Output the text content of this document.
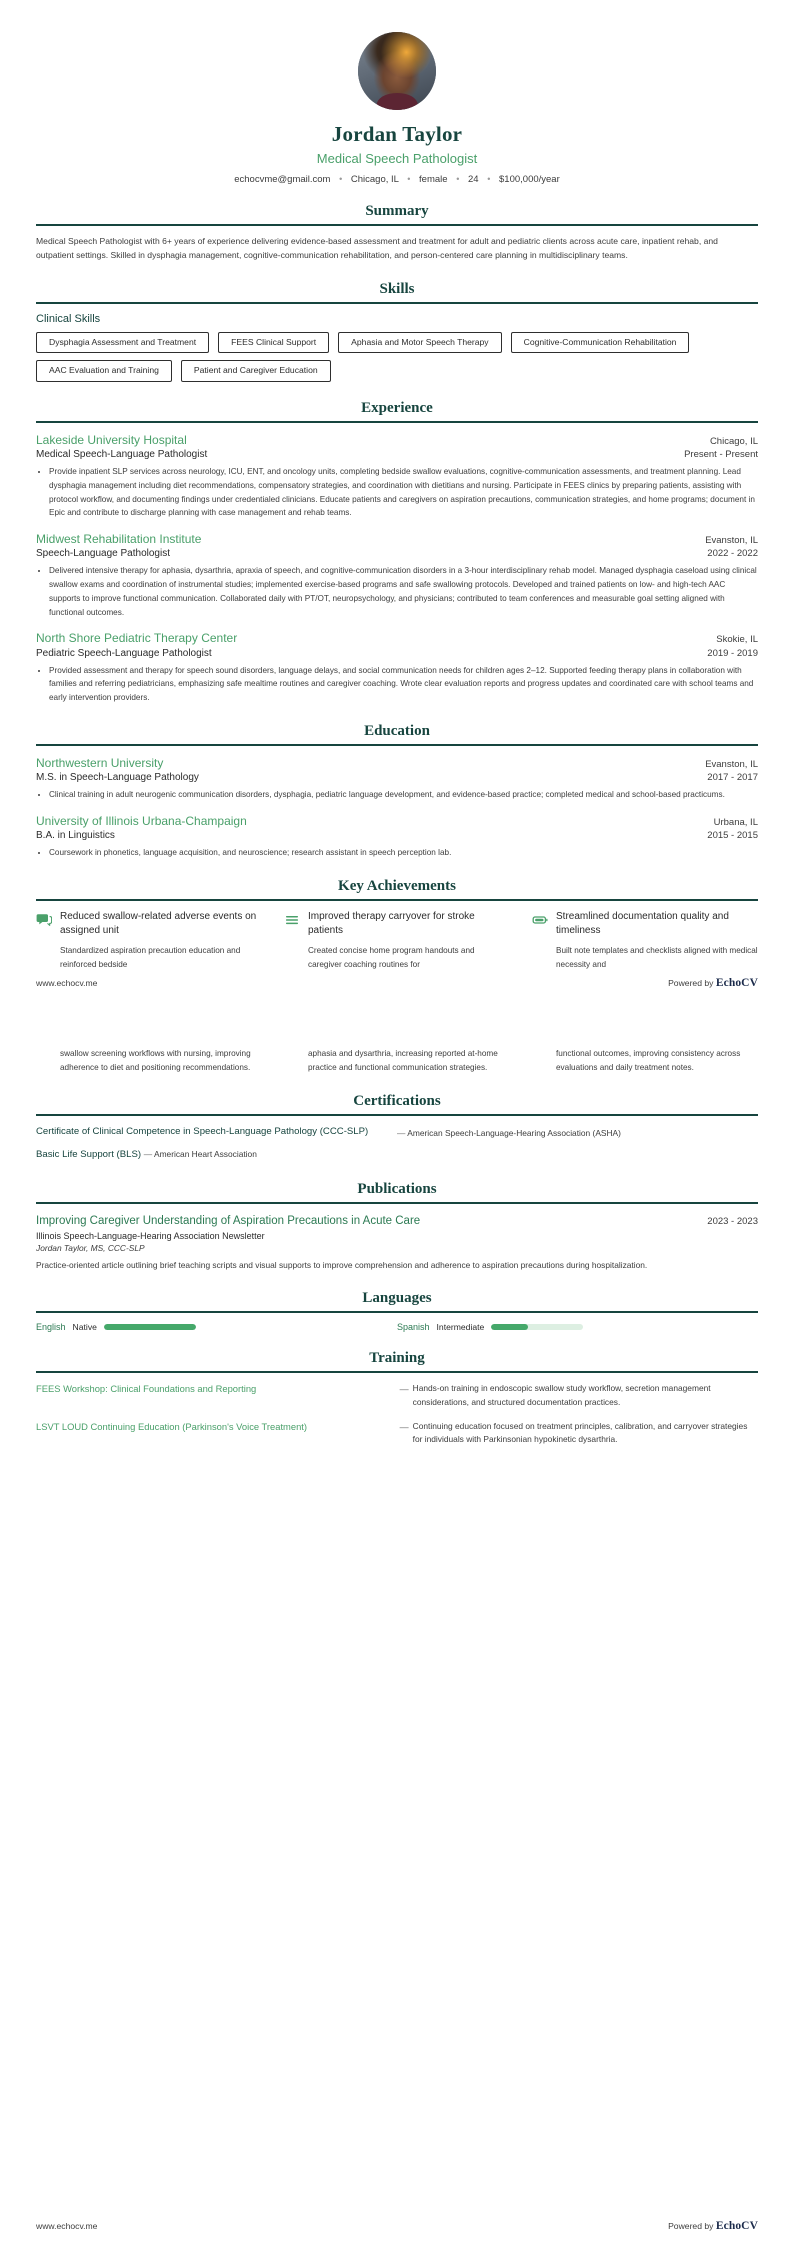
Jordan Taylor
Medical Speech Pathologist
echocvme@gmail.com • Chicago, IL • female • 24 • $100,000/year
Summary
Medical Speech Pathologist with 6+ years of experience delivering evidence-based assessment and treatment for adult and pediatric clients across acute care, inpatient rehab, and outpatient settings. Skilled in dysphagia management, cognitive-communication rehabilitation, and person-centered care planning in multidisciplinary teams.
Skills
Clinical Skills
Dysphagia Assessment and Treatment	FEES Clinical Support	Aphasia and Motor Speech Therapy	Cognitive-Communication Rehabilitation
AAC Evaluation and Training	Patient and Caregiver Education
Experience
Lakeside University Hospital	Chicago, IL
Medical Speech-Language Pathologist	Present - Present
• Provide inpatient SLP services across neurology, ICU, ENT, and oncology units, completing bedside swallow evaluations, cognitive-communication assessments, and treatment planning. Lead dysphagia management including diet recommendations, compensatory strategies, and coordination with dietitians and nursing. Participate in FEES clinics by preparing patients, assisting with protocol workflow, and documenting findings under credentialed clinicians. Educate patients and caregivers on aspiration precautions, communication strategies, and home programs; document in Epic and contribute to discharge planning with case management and rehab teams.
Midwest Rehabilitation Institute	Evanston, IL
Speech-Language Pathologist	2022 - 2022
• Delivered intensive therapy for aphasia, dysarthria, apraxia of speech, and cognitive-communication disorders in a 3-hour interdisciplinary rehab model. Managed dysphagia caseload using clinical swallow exams and coordination of instrumental studies; implemented exercise-based programs and safe swallowing protocols. Developed and trained patients on low- and high-tech AAC supports to improve functional communication. Collaborated daily with PT/OT, neuropsychology, and physicians; contributed to team conferences and measurable goal setting aligned with functional outcomes.
North Shore Pediatric Therapy Center	Skokie, IL
Pediatric Speech-Language Pathologist	2019 - 2019
• Provided assessment and therapy for speech sound disorders, language delays, and social communication needs for children ages 2–12. Supported feeding therapy plans in collaboration with families and referring pediatricians, emphasizing safe mealtime routines and caregiver coaching. Wrote clear evaluation reports and progress updates and coordinated care with school teams and early intervention providers.
Education
Northwestern University	Evanston, IL
M.S. in Speech-Language Pathology	2017 - 2017
• Clinical training in adult neurogenic communication disorders, dysphagia, pediatric language development, and evidence-based practice; completed medical and school-based practicums.
University of Illinois Urbana-Champaign	Urbana, IL
B.A. in Linguistics	2015 - 2015
• Coursework in phonetics, language acquisition, and neuroscience; research assistant in speech perception lab.
Key Achievements
Reduced swallow-related adverse events on assigned unit
Standardized aspiration precaution education and reinforced bedside
Improved therapy carryover for stroke patients
Created concise home program handouts and caregiver coaching routines for
Streamlined documentation quality and timeliness
Built note templates and checklists aligned with medical necessity and
www.echocv.me	Powered by EchoCV
swallow screening workflows with nursing, improving adherence to diet and positioning recommendations.
aphasia and dysarthria, increasing reported at-home practice and functional communication strategies.
functional outcomes, improving consistency across evaluations and daily treatment notes.
Certifications
Certificate of Clinical Competence in Speech-Language Pathology (CCC-SLP)	— American Speech-Language-Hearing Association (ASHA)
Basic Life Support (BLS) — American Heart Association
Publications
Improving Caregiver Understanding of Aspiration Precautions in Acute Care	2023 - 2023
Illinois Speech-Language-Hearing Association Newsletter
Jordan Taylor, MS, CCC-SLP
Practice-oriented article outlining brief teaching scripts and visual supports to improve comprehension and adherence to aspiration precautions during hospitalization.
Languages
English Native	Spanish Intermediate
Training
FEES Workshop: Clinical Foundations and Reporting	— Hands-on training in endoscopic swallow study workflow, secretion management considerations, and structured documentation practices.
LSVT LOUD Continuing Education (Parkinson's Voice Treatment)	— Continuing education focused on treatment principles, calibration, and carryover strategies for individuals with Parkinsonian hypokinetic dysarthria.
www.echocv.me	Powered by EchoCV
